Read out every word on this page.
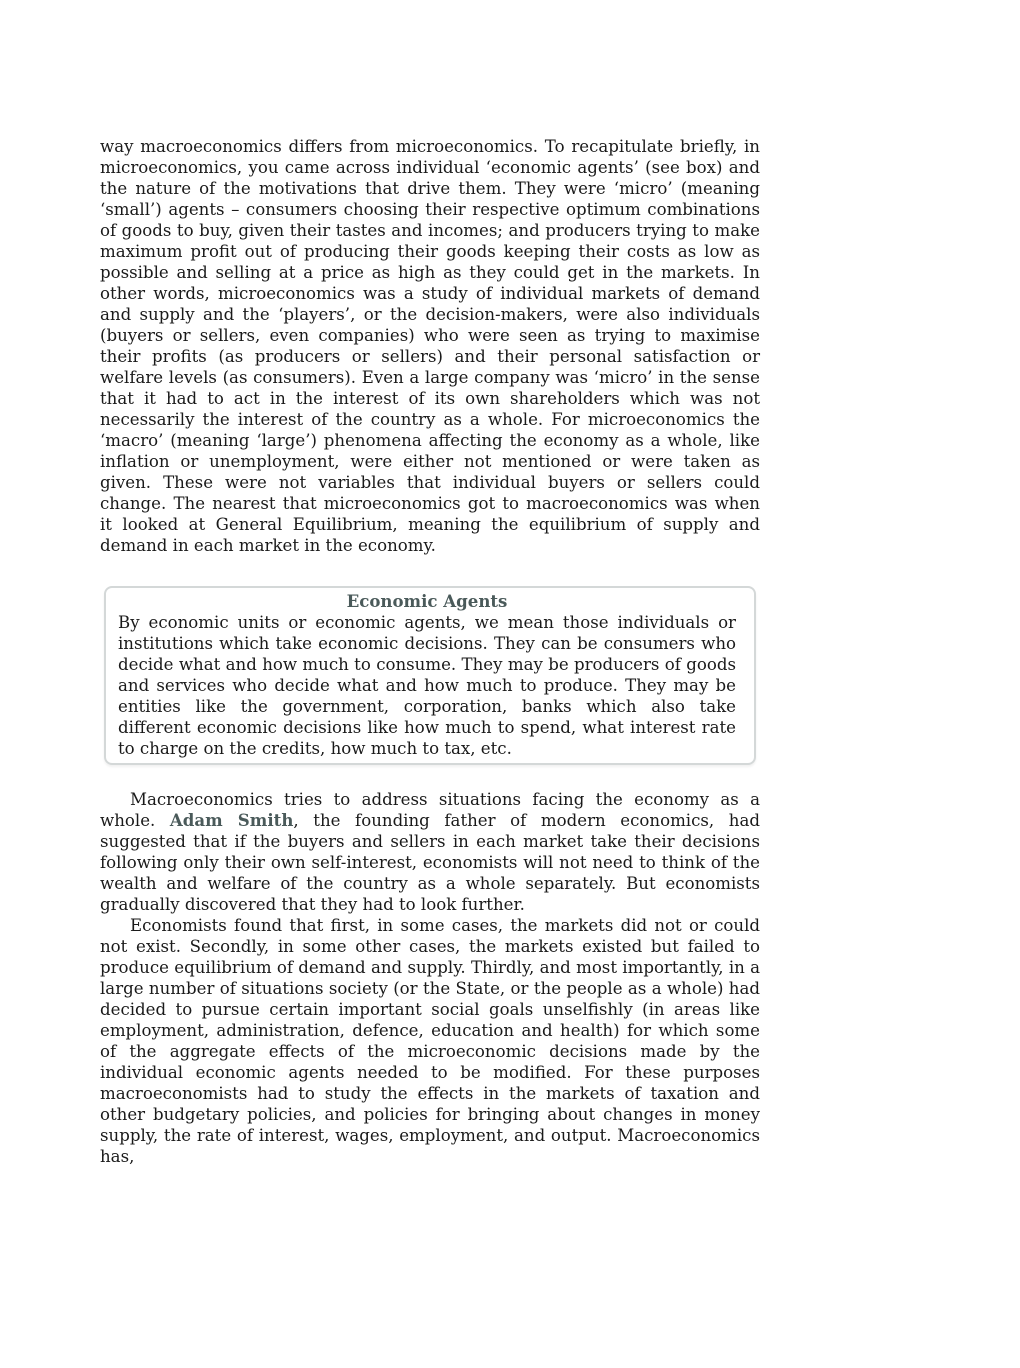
way macroeconomics differs from microeconomics. To recapitulate briefly, in microeconomics, you came across individual ‘economic agents’ (see box) and the nature of the motivations that drive them. They were ‘micro’ (meaning ‘small’) agents – consumers choosing their respective optimum combinations of goods to buy, given their tastes and incomes; and producers trying to make maximum profit out of producing their goods keeping their costs as low as possible and selling at a price as high as they could get in the markets. In other words, microeconomics was a study of individual markets of demand and supply and the ‘players’, or the decision-makers, were also individuals (buyers or sellers, even companies) who were seen as trying to maximise their profits (as producers or sellers) and their personal satisfaction or welfare levels (as consumers). Even a large company was ‘micro’ in the sense that it had to act in the interest of its own shareholders which was not necessarily the interest of the country as a whole. For microeconomics the ‘macro’ (meaning ‘large’) phenomena affecting the economy as a whole, like inflation or unemployment, were either not mentioned or were taken as given. These were not variables that individual buyers or sellers could change. The nearest that microeconomics got to macroeconomics was when it looked at General Equilibrium, meaning the equilibrium of supply and demand in each market in the economy.

Economic Agents

By economic units or economic agents, we mean those individuals or institutions which take economic decisions. They can be consumers who decide what and how much to consume. They may be producers of goods and services who decide what and how much to produce. They may be entities like the government, corporation, banks which also take different economic decisions like how much to spend, what interest rate to charge on the credits, how much to tax, etc.

Macroeconomics tries to address situations facing the economy as a whole. Adam Smith, the founding father of modern economics, had suggested that if the buyers and sellers in each market take their decisions following only their own self-interest, economists will not need to think of the wealth and welfare of the country as a whole separately. But economists gradually discovered that they had to look further.

Economists found that first, in some cases, the markets did not or could not exist. Secondly, in some other cases, the markets existed but failed to produce equilibrium of demand and supply. Thirdly, and most importantly, in a large number of situations society (or the State, or the people as a whole) had decided to pursue certain important social goals unselfishly (in areas like employment, administration, defence, education and health) for which some of the aggregate effects of the microeconomic decisions made by the individual economic agents needed to be modified. For these purposes macroeconomists had to study the effects in the markets of taxation and other budgetary policies, and policies for bringing about changes in money supply, the rate of interest, wages, employment, and output. Macroeconomics has,
